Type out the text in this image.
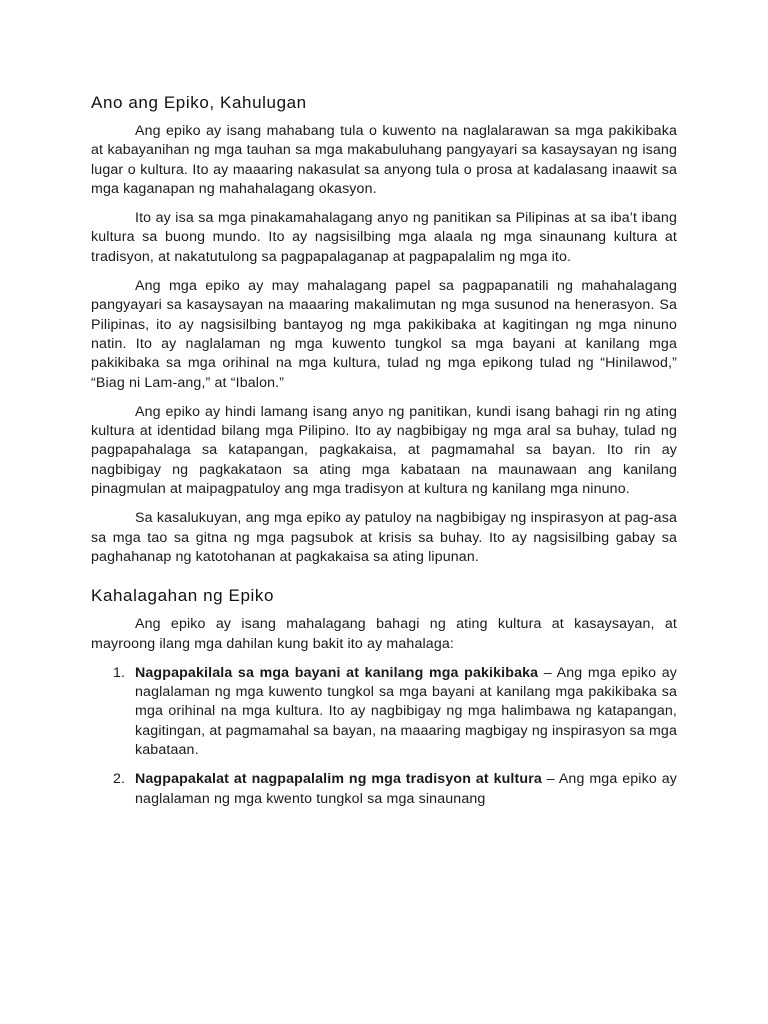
Ano ang Epiko, Kahulugan

Ang epiko ay isang mahabang tula o kuwento na naglalarawan sa mga pakikibaka at kabayanihan ng mga tauhan sa mga makabuluhang pangyayari sa kasaysayan ng isang lugar o kultura. Ito ay maaaring nakasulat sa anyong tula o prosa at kadalasang inaawit sa mga kaganapan ng mahahalagang okasyon.

Ito ay isa sa mga pinakamahalagang anyo ng panitikan sa Pilipinas at sa iba’t ibang kultura sa buong mundo. Ito ay nagsisilbing mga alaala ng mga sinaunang kultura at tradisyon, at nakatutulong sa pagpapalaganap at pagpapalalim ng mga ito.

Ang mga epiko ay may mahalagang papel sa pagpapanatili ng mahahalagang pangyayari sa kasaysayan na maaaring makalimutan ng mga susunod na henerasyon. Sa Pilipinas, ito ay nagsisilbing bantayog ng mga pakikibaka at kagitingan ng mga ninuno natin. Ito ay naglalaman ng mga kuwento tungkol sa mga bayani at kanilang mga pakikibaka sa mga orihinal na mga kultura, tulad ng mga epikong tulad ng “Hinilawod,” “Biag ni Lam-ang,” at “Ibalon.”

Ang epiko ay hindi lamang isang anyo ng panitikan, kundi isang bahagi rin ng ating kultura at identidad bilang mga Pilipino. Ito ay nagbibigay ng mga aral sa buhay, tulad ng pagpapahalaga sa katapangan, pagkakaisa, at pagmamahal sa bayan. Ito rin ay nagbibigay ng pagkakataon sa ating mga kabataan na maunawaan ang kanilang pinagmulan at maipagpatuloy ang mga tradisyon at kultura ng kanilang mga ninuno.

Sa kasalukuyan, ang mga epiko ay patuloy na nagbibigay ng inspirasyon at pag-asa sa mga tao sa gitna ng mga pagsubok at krisis sa buhay. Ito ay nagsisilbing gabay sa paghahanap ng katotohanan at pagkakaisa sa ating lipunan.

Kahalagahan ng Epiko

Ang epiko ay isang mahalagang bahagi ng ating kultura at kasaysayan, at mayroong ilang mga dahilan kung bakit ito ay mahalaga:

1. Nagpapakilala sa mga bayani at kanilang mga pakikibaka – Ang mga epiko ay naglalaman ng mga kuwento tungkol sa mga bayani at kanilang mga pakikibaka sa mga orihinal na mga kultura. Ito ay nagbibigay ng mga halimbawa ng katapangan, kagitingan, at pagmamahal sa bayan, na maaaring magbigay ng inspirasyon sa mga kabataan.
2. Nagpapakalat at nagpapalalim ng mga tradisyon at kultura – Ang mga epiko ay naglalaman ng mga kwento tungkol sa mga sinaunang
